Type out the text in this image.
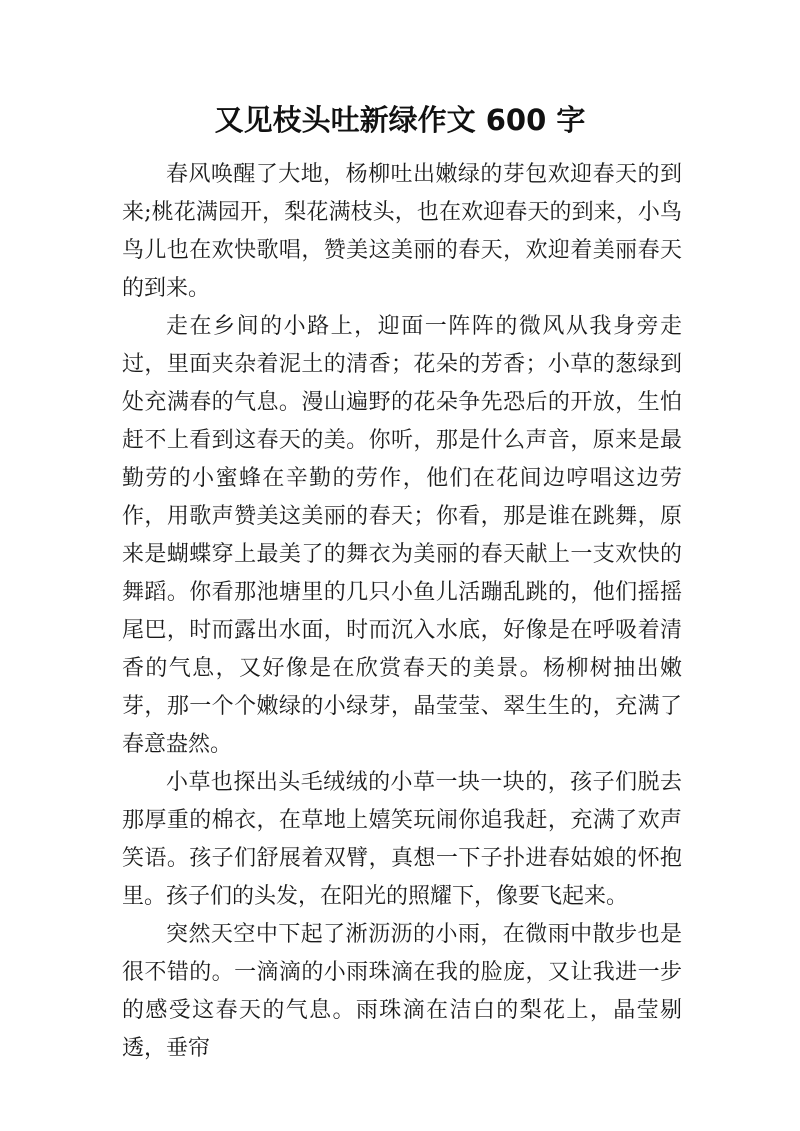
又见枝头吐新绿作文 600 字

春风唤醒了大地，杨柳吐出嫩绿的芽包欢迎春天的到来;桃花满园开，梨花满枝头，也在欢迎春天的到来，小鸟鸟儿也在欢快歌唱，赞美这美丽的春天，欢迎着美丽春天的到来。

走在乡间的小路上，迎面一阵阵的微风从我身旁走过，里面夹杂着泥土的清香；花朵的芳香；小草的葱绿到处充满春的气息。漫山遍野的花朵争先恐后的开放，生怕赶不上看到这春天的美。你听，那是什么声音，原来是最勤劳的小蜜蜂在辛勤的劳作，他们在花间边哼唱这边劳作，用歌声赞美这美丽的春天；你看，那是谁在跳舞，原来是蝴蝶穿上最美了的舞衣为美丽的春天献上一支欢快的舞蹈。你看那池塘里的几只小鱼儿活蹦乱跳的，他们摇摇尾巴，时而露出水面，时而沉入水底，好像是在呼吸着清香的气息，又好像是在欣赏春天的美景。杨柳树抽出嫩芽，那一个个嫩绿的小绿芽，晶莹莹、翠生生的，充满了春意盎然。

小草也探出头毛绒绒的小草一块一块的，孩子们脱去那厚重的棉衣，在草地上嬉笑玩闹你追我赶，充满了欢声笑语。孩子们舒展着双臂，真想一下子扑进春姑娘的怀抱里。孩子们的头发，在阳光的照耀下，像要飞起来。

突然天空中下起了淅沥沥的小雨，在微雨中散步也是很不错的。一滴滴的小雨珠滴在我的脸庞，又让我进一步的感受这春天的气息。雨珠滴在洁白的梨花上，晶莹剔透，垂帘
